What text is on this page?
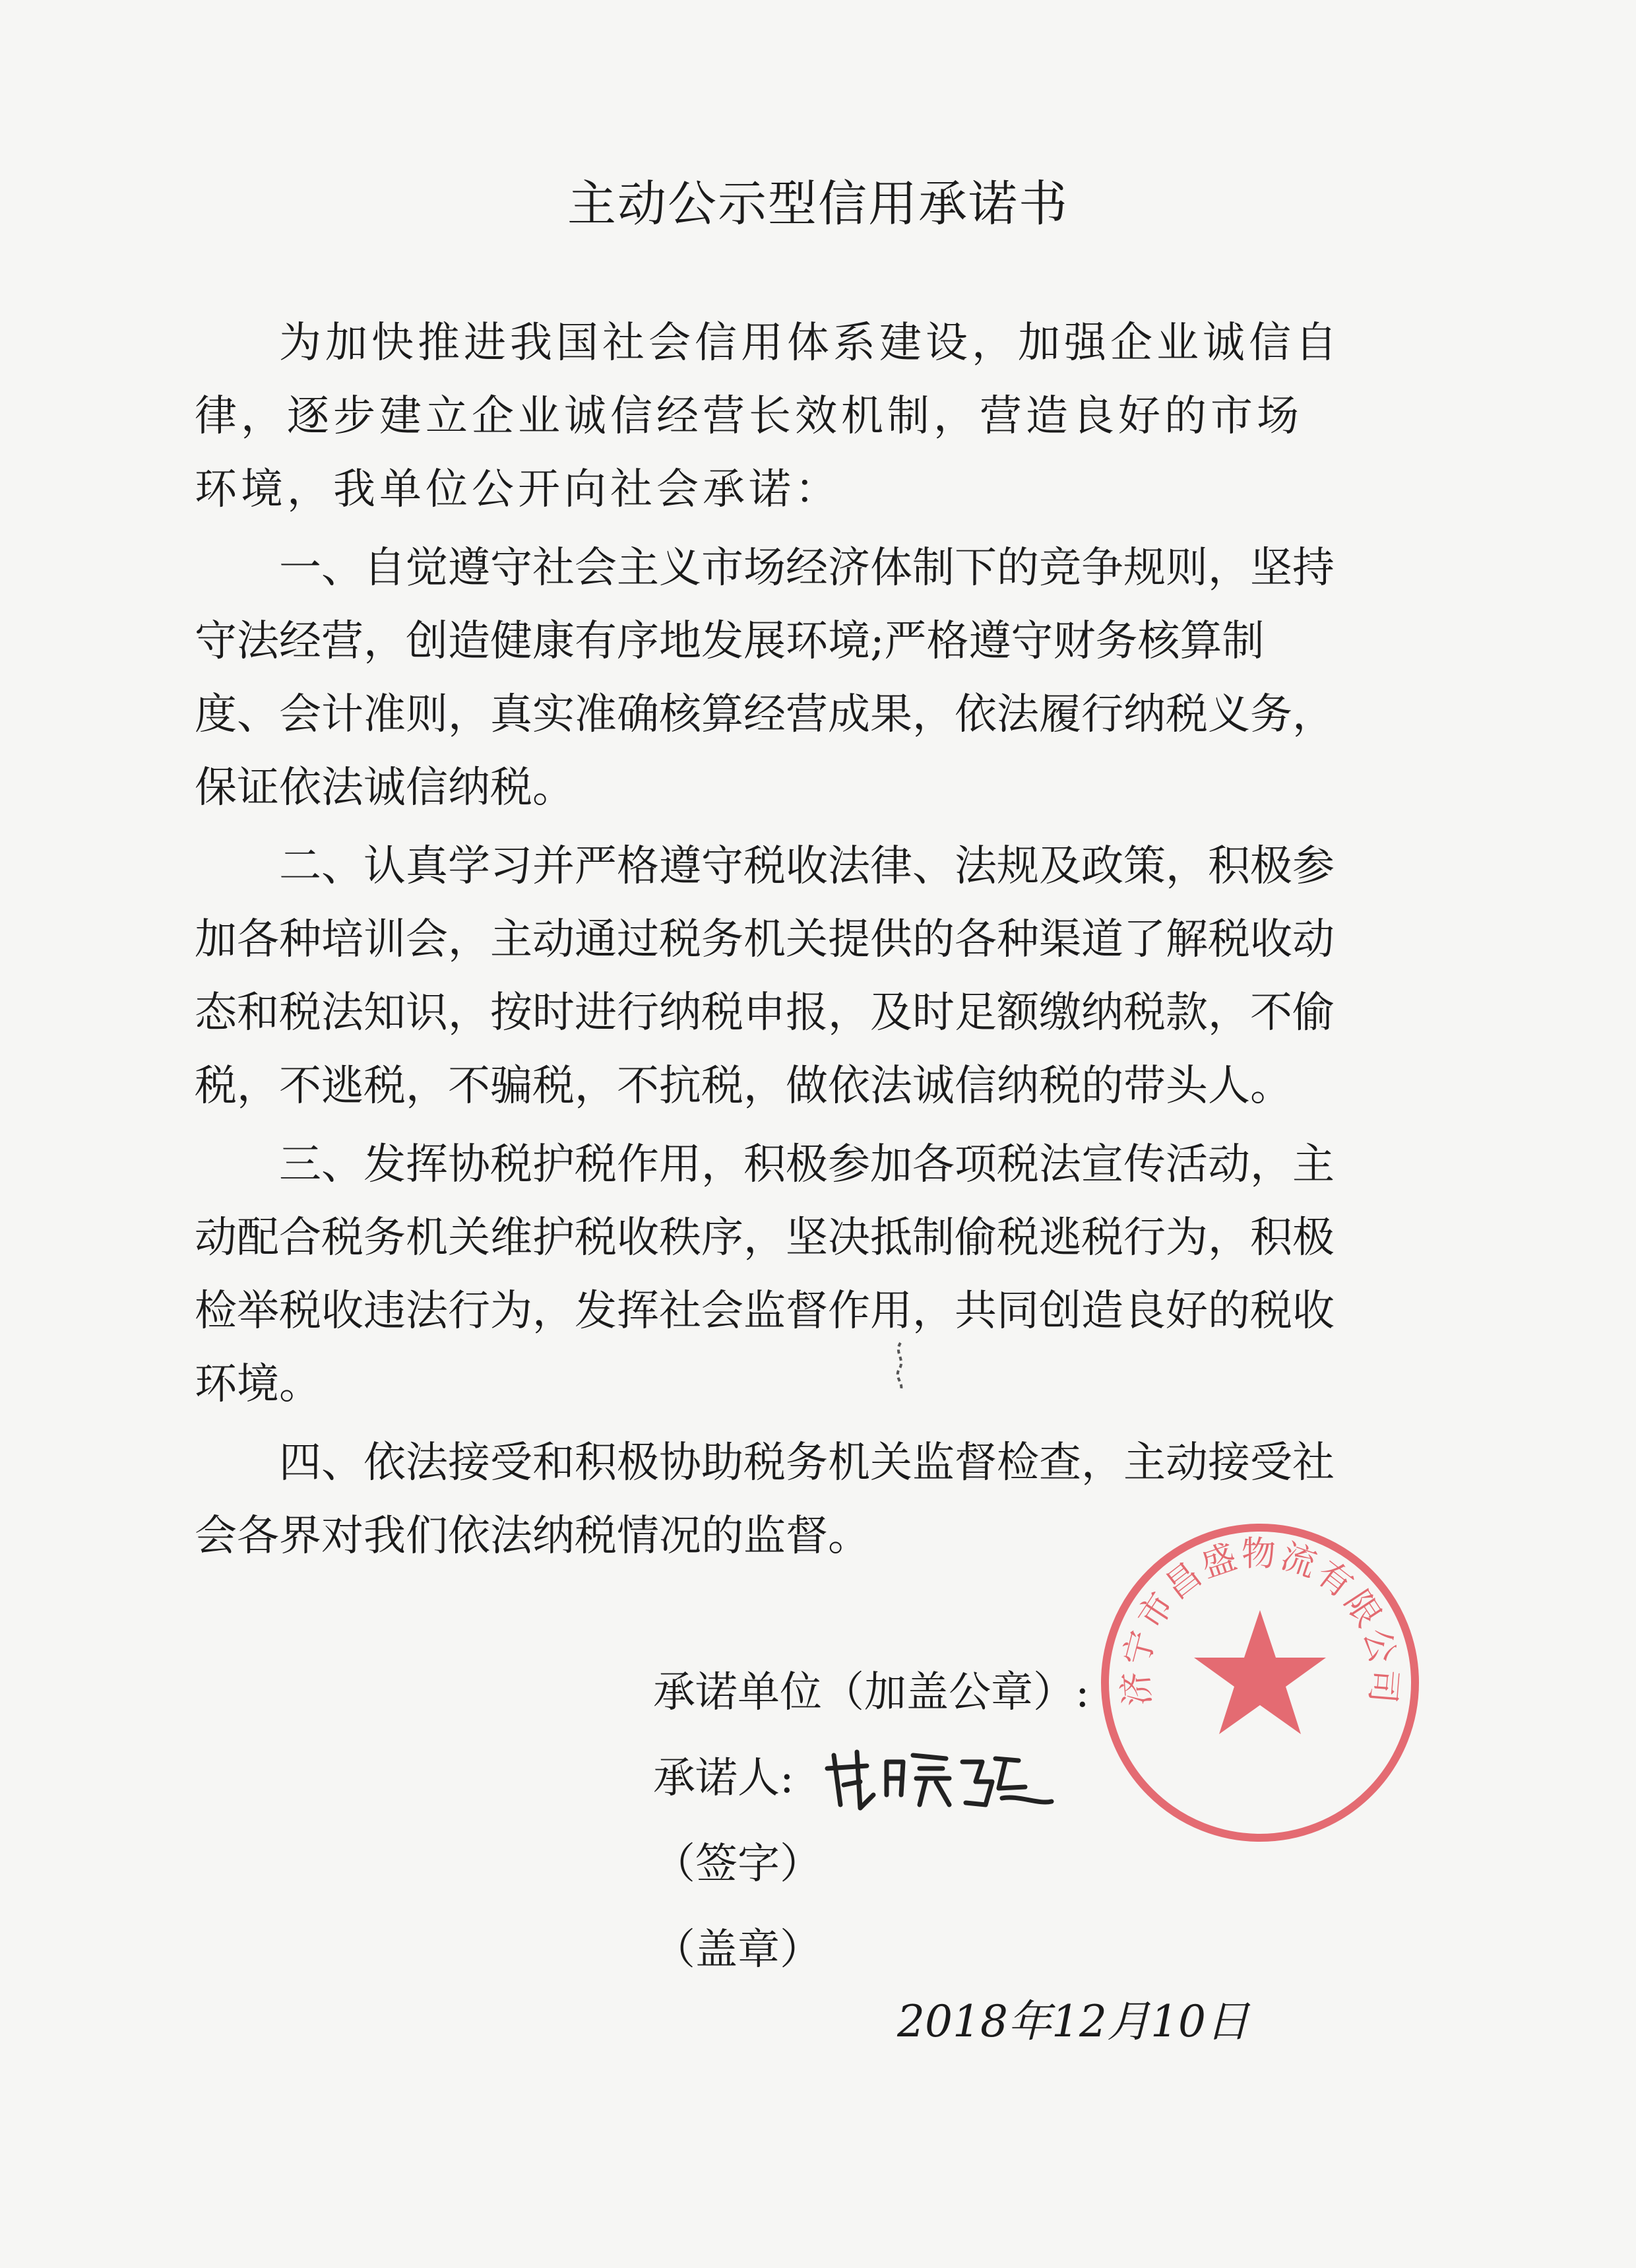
主动公示型信用承诺书

为加快推进我国社会信用体系建设，加强企业诚信自律，逐步建立企业诚信经营长效机制，营造良好的市场环境，我单位公开向社会承诺：

一、自觉遵守社会主义市场经济体制下的竞争规则，坚持守法经营，创造健康有序地发展环境;严格遵守财务核算制度、会计准则，真实准确核算经营成果，依法履行纳税义务，保证依法诚信纳税。

二、认真学习并严格遵守税收法律、法规及政策，积极参加各种培训会，主动通过税务机关提供的各种渠道了解税收动态和税法知识，按时进行纳税申报，及时足额缴纳税款，不偷税，不逃税，不骗税，不抗税，做依法诚信纳税的带头人。

三、发挥协税护税作用，积极参加各项税法宣传活动，主动配合税务机关维护税收秩序，坚决抵制偷税逃税行为，积极检举税收违法行为，发挥社会监督作用，共同创造良好的税收环境。

四、依法接受和积极协助税务机关监督检查，主动接受社会各界对我们依法纳税情况的监督。

承诺单位（加盖公章）:
承诺人:
（签字）
（盖章）
2018年12月10日
济宁市昌盛物流有限公司
